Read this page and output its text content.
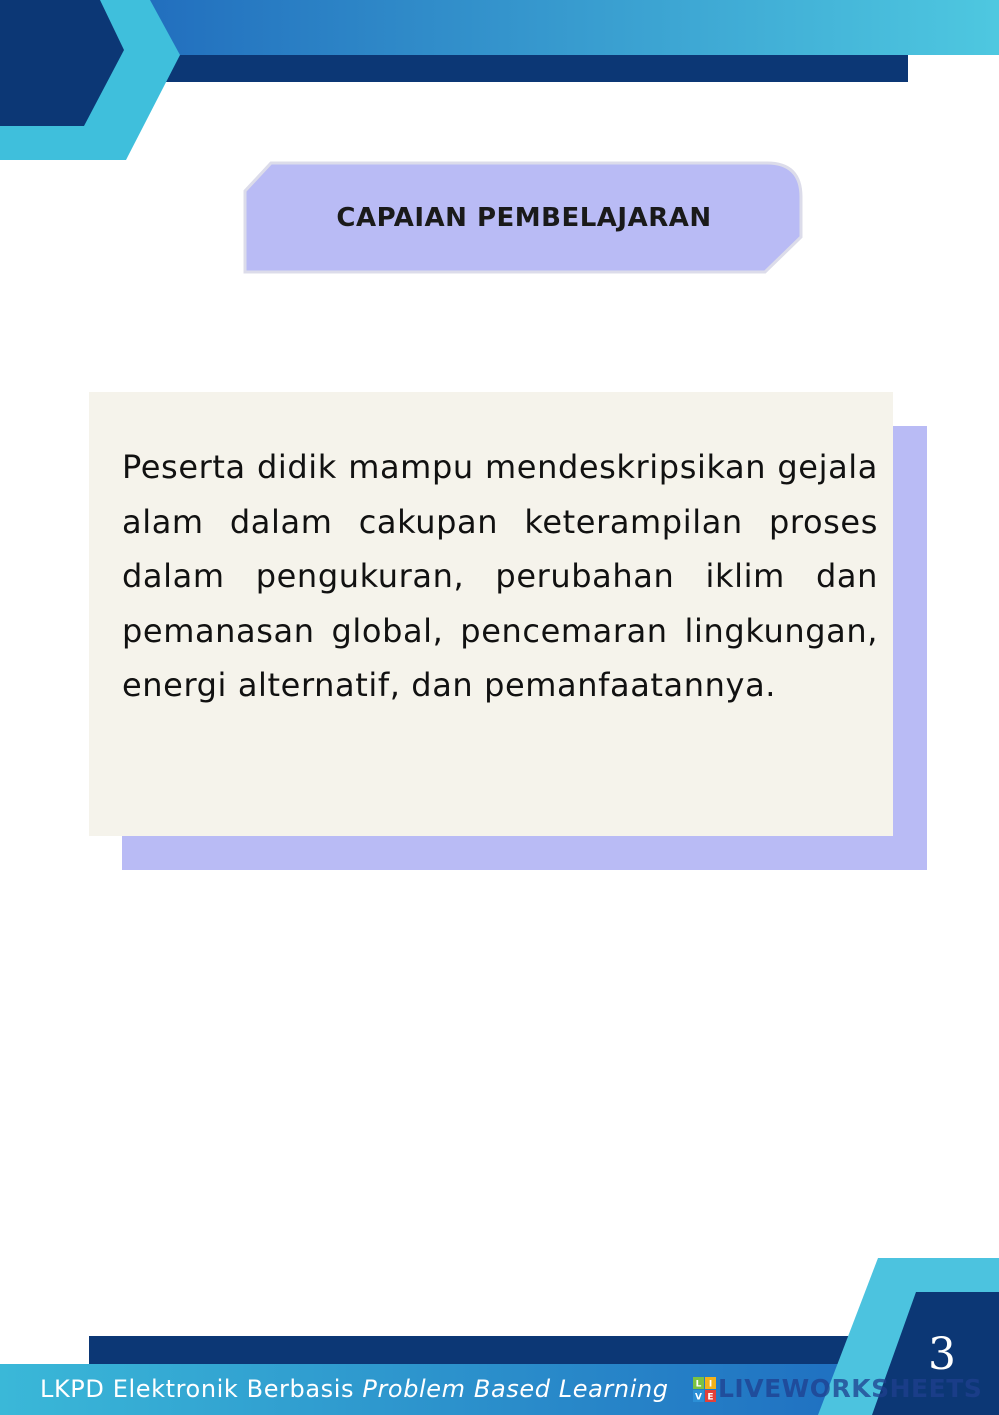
CAPAIAN PEMBELAJARAN

Peserta didik mampu mendeskripsikan gejala alam dalam cakupan keterampilan proses dalam pengukuran, perubahan iklim dan pemanasan global, pencemaran lingkungan, energi alternatif, dan pemanfaatannya.

3
LKPD Elektronik Berbasis Problem Based Learning	L I
V E LIVEWORKSHEETS
